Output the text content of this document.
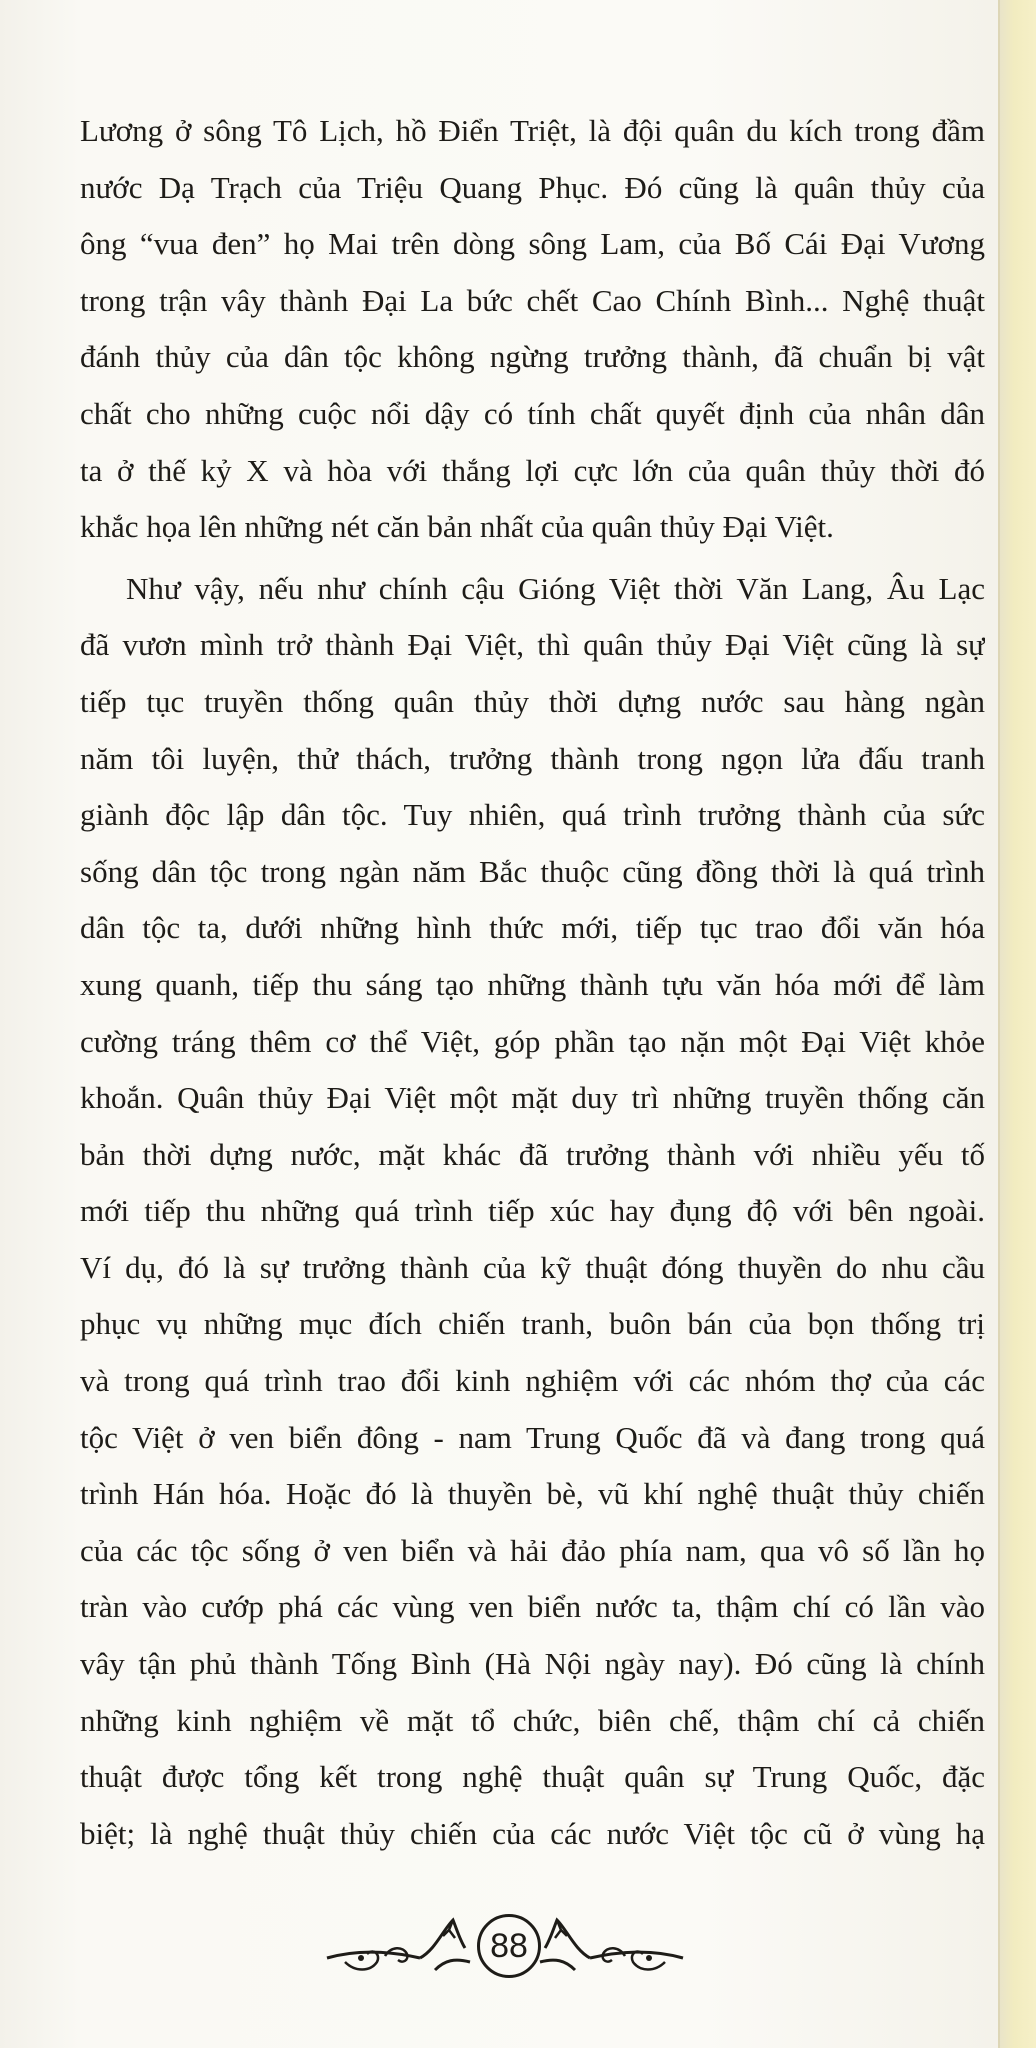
Lương ở sông Tô Lịch, hồ Điển Triệt, là đội quân du kích trong đầm
nước Dạ Trạch của Triệu Quang Phục. Đó cũng là quân thủy của
ông “vua đen” họ Mai trên dòng sông Lam, của Bố Cái Đại Vương
trong trận vây thành Đại La bức chết Cao Chính Bình... Nghệ thuật
đánh thủy của dân tộc không ngừng trưởng thành, đã chuẩn bị vật
chất cho những cuộc nổi dậy có tính chất quyết định của nhân dân
ta ở thế kỷ X và hòa với thắng lợi cực lớn của quân thủy thời đó
khắc họa lên những nét căn bản nhất của quân thủy Đại Việt.
Như vậy, nếu như chính cậu Gióng Việt thời Văn Lang, Âu Lạc
đã vươn mình trở thành Đại Việt, thì quân thủy Đại Việt cũng là sự
tiếp tục truyền thống quân thủy thời dựng nước sau hàng ngàn
năm tôi luyện, thử thách, trưởng thành trong ngọn lửa đấu tranh
giành độc lập dân tộc. Tuy nhiên, quá trình trưởng thành của sức
sống dân tộc trong ngàn năm Bắc thuộc cũng đồng thời là quá trình
dân tộc ta, dưới những hình thức mới, tiếp tục trao đổi văn hóa
xung quanh, tiếp thu sáng tạo những thành tựu văn hóa mới để làm
cường tráng thêm cơ thể Việt, góp phần tạo nặn một Đại Việt khỏe
khoắn. Quân thủy Đại Việt một mặt duy trì những truyền thống căn
bản thời dựng nước, mặt khác đã trưởng thành với nhiều yếu tố
mới tiếp thu những quá trình tiếp xúc hay đụng độ với bên ngoài.
Ví dụ, đó là sự trưởng thành của kỹ thuật đóng thuyền do nhu cầu
phục vụ những mục đích chiến tranh, buôn bán của bọn thống trị
và trong quá trình trao đổi kinh nghiệm với các nhóm thợ của các
tộc Việt ở ven biển đông - nam Trung Quốc đã và đang trong quá
trình Hán hóa. Hoặc đó là thuyền bè, vũ khí nghệ thuật thủy chiến
của các tộc sống ở ven biển và hải đảo phía nam, qua vô số lần họ
tràn vào cướp phá các vùng ven biển nước ta, thậm chí có lần vào
vây tận phủ thành Tống Bình (Hà Nội ngày nay). Đó cũng là chính
những kinh nghiệm về mặt tổ chức, biên chế, thậm chí cả chiến
thuật được tổng kết trong nghệ thuật quân sự Trung Quốc, đặc
biệt; là nghệ thuật thủy chiến của các nước Việt tộc cũ ở vùng hạ
88
